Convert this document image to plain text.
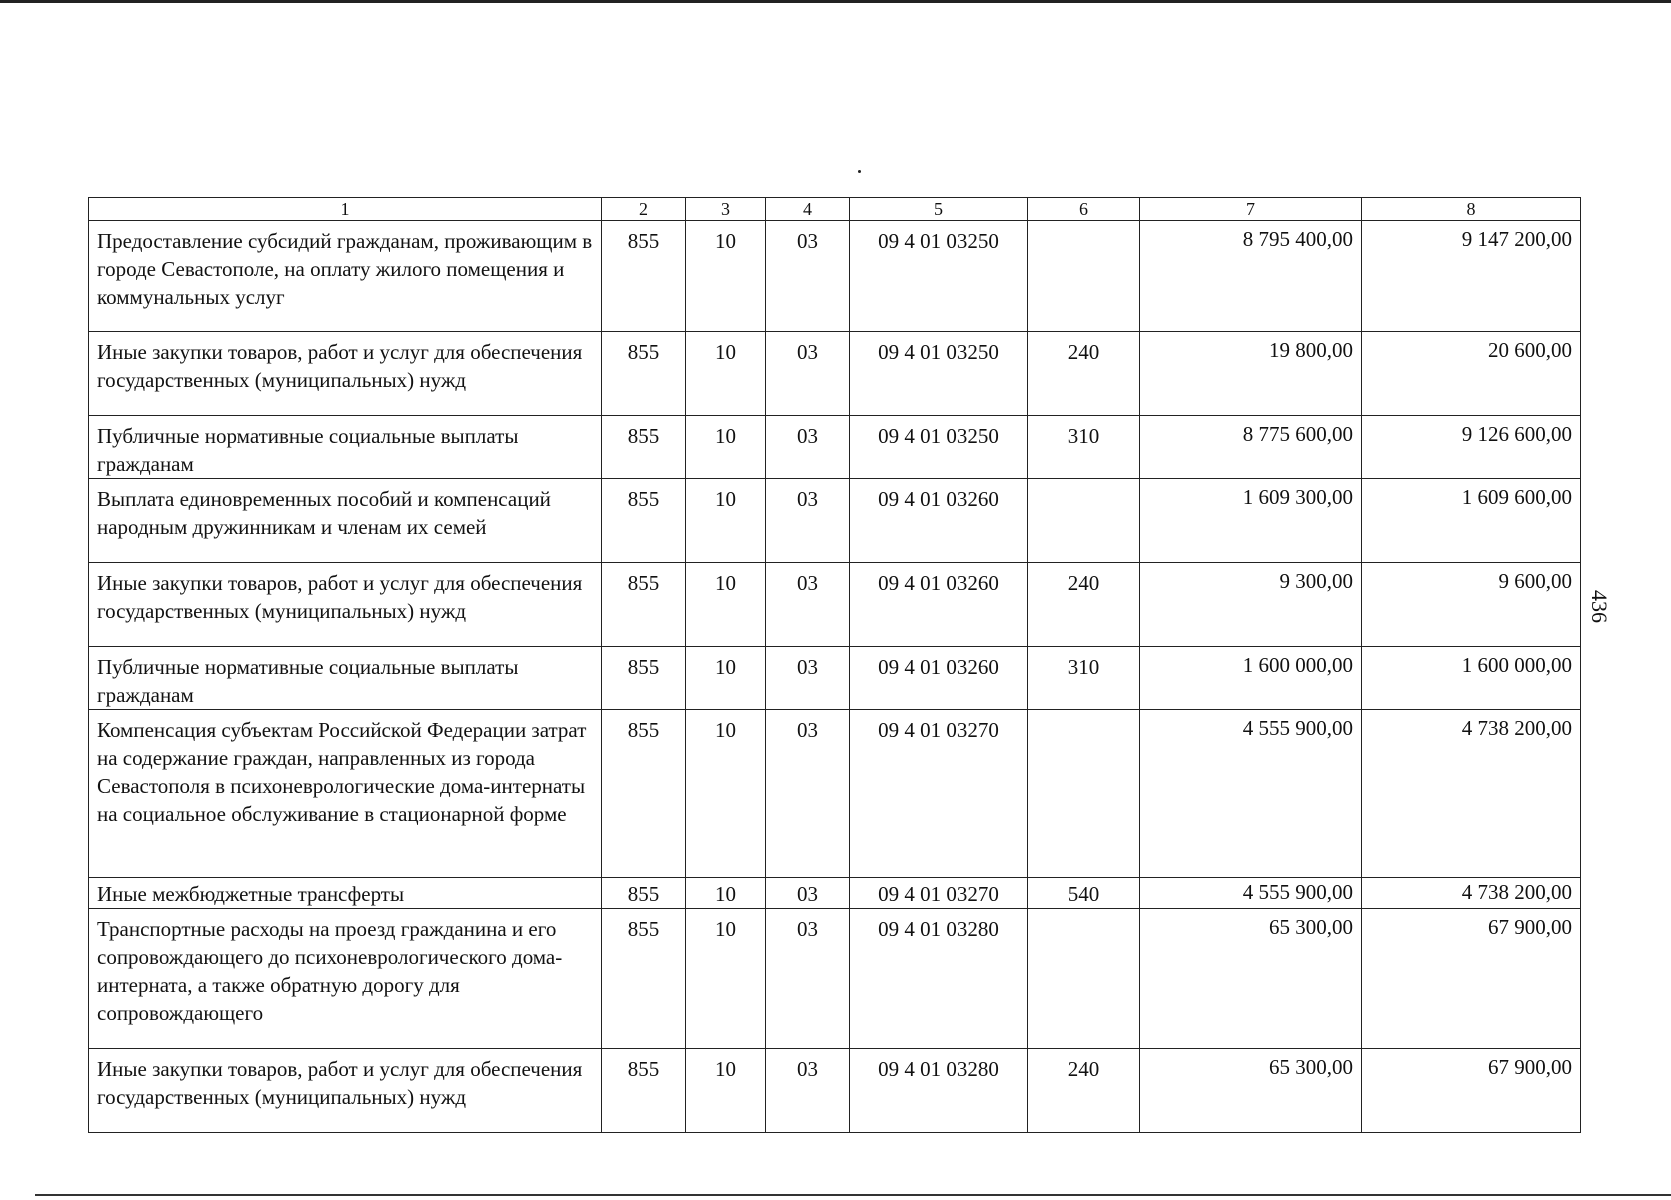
436
1	2	3	4	5	6	7	8
Предоставление субсидий гражданам, проживающим в городе Севастополе, на оплату жилого помещения и коммунальных услуг	855	10	03	09 4 01 03250		8 795 400,00	9 147 200,00
Иные закупки товаров, работ и услуг для обеспечения государственных (муниципальных) нужд	855	10	03	09 4 01 03250	240	19 800,00	20 600,00
Публичные нормативные социальные выплаты гражданам	855	10	03	09 4 01 03250	310	8 775 600,00	9 126 600,00
Выплата единовременных пособий и компенсаций народным дружинникам и членам их семей	855	10	03	09 4 01 03260		1 609 300,00	1 609 600,00
Иные закупки товаров, работ и услуг для обеспечения государственных (муниципальных) нужд	855	10	03	09 4 01 03260	240	9 300,00	9 600,00
Публичные нормативные социальные выплаты гражданам	855	10	03	09 4 01 03260	310	1 600 000,00	1 600 000,00
Компенсация субъектам Российской Федерации затрат на содержание граждан, направленных из города Севастополя в психоневрологические дома-интернаты на социальное обслуживание в стационарной форме	855	10	03	09 4 01 03270		4 555 900,00	4 738 200,00
Иные межбюджетные трансферты	855	10	03	09 4 01 03270	540	4 555 900,00	4 738 200,00
Транспортные расходы на проезд гражданина и его сопровождающего до психоневрологического дома-интерната, а также обратную дорогу для сопровождающего	855	10	03	09 4 01 03280		65 300,00	67 900,00
Иные закупки товаров, работ и услуг для обеспечения государственных (муниципальных) нужд	855	10	03	09 4 01 03280	240	65 300,00	67 900,00
